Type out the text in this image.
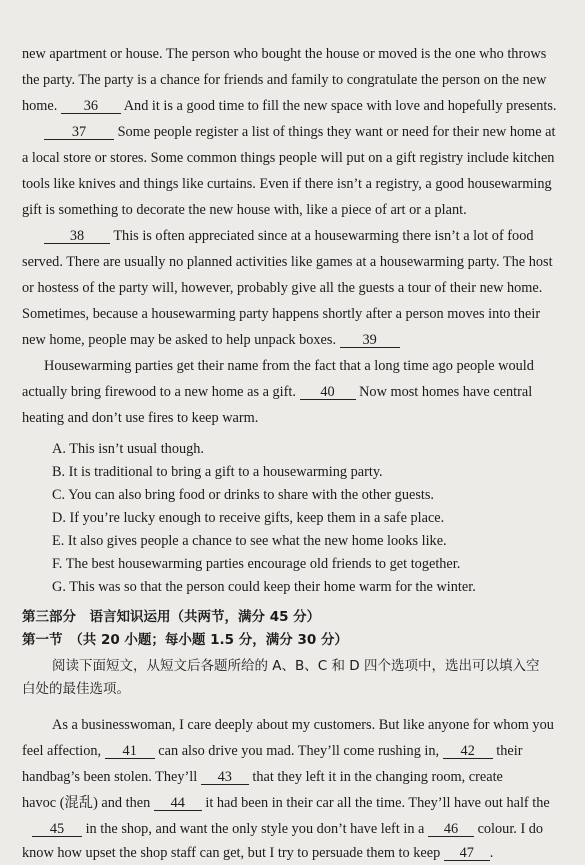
new apartment or house. The person who bought the house or moved is the one who throws
the party. The party is a chance for friends and family to congratulate the person on the new
home. 36 And it is a good time to fill the new space with love and hopefully presents.
37 Some people register a list of things they want or need for their new home at
a local store or stores. Some common things people will put on a gift registry include kitchen
tools like knives and things like curtains. Even if there isn’t a registry, a good housewarming
gift is something to decorate the new house with, like a piece of art or a plant.
38 This is often appreciated since at a housewarming there isn’t a lot of food
served. There are usually no planned activities like games at a housewarming party. The host
or hostess of the party will, however, probably give all the guests a tour of their new home.
Sometimes, because a housewarming party happens shortly after a person moves into their
new home, people may be asked to help unpack boxes. 39
Housewarming parties get their name from the fact that a long time ago people would
actually bring firewood to a new home as a gift. 40 Now most homes have central
heating and don’t use fires to keep warm.
A. This isn’t usual though.
B. It is traditional to bring a gift to a housewarming party.
C. You can also bring food or drinks to share with the other guests.
D. If you’re lucky enough to receive gifts, keep them in a safe place.
E. It also gives people a chance to see what the new home looks like.
F. The best housewarming parties encourage old friends to get together.
G. This was so that the person could keep their home warm for the winter.
第三部分　语言知识运用（共两节，满分 45 分）
第一节　（共 20 小题；每小题 1.5 分，满分 30 分）
阅读下面短文，从短文后各题所给的 A、B、C 和 D 四个选项中，选出可以填入空
白处的最佳选项。
As a businesswoman, I care deeply about my customers. But like anyone for whom you
feel affection, 41 can also drive you mad. They’ll come rushing in, 42 their
handbag’s been stolen. They’ll 43 that they left it in the changing room, create
havoc (混乱) and then 44 it had been in their car all the time. They’ll have out half the
45 in the shop, and want the only style you don’t have left in a 46 colour. I do
know how upset the shop staff can get, but I try to persuade them to keep 47 .
